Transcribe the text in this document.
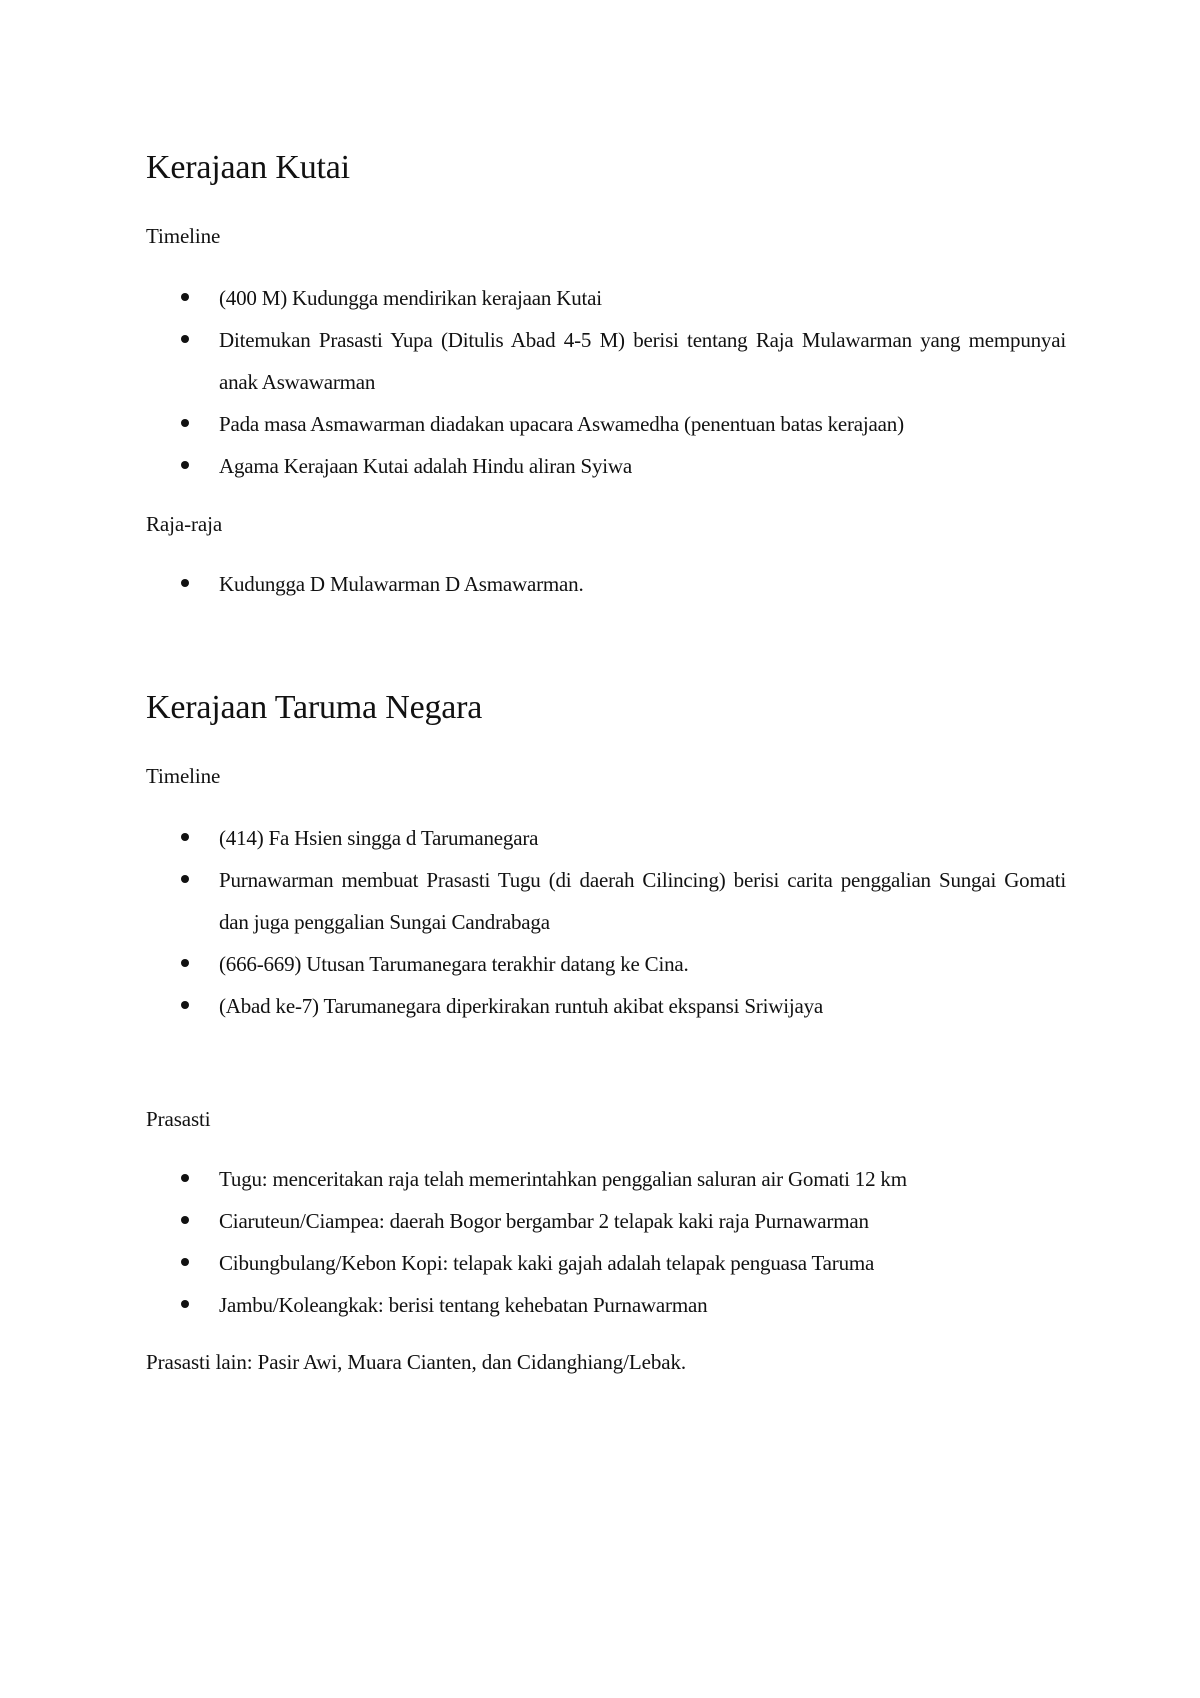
Kerajaan Kutai

Timeline

(400 M) Kudungga mendirikan kerajaan Kutai
Ditemukan Prasasti Yupa (Ditulis Abad 4-5 M) berisi tentang Raja Mulawarman yang mempunyai anak Aswawarman
Pada masa Asmawarman diadakan upacara Aswamedha (penentuan batas kerajaan)
Agama Kerajaan Kutai adalah Hindu aliran Syiwa

Raja-raja

Kudungga D Mulawarman D Asmawarman.
Kerajaan Taruma Negara

Timeline

(414) Fa Hsien singga d Tarumanegara
Purnawarman membuat Prasasti Tugu (di daerah Cilincing) berisi carita penggalian Sungai Gomati dan juga penggalian Sungai Candrabaga
(666-669) Utusan Tarumanegara terakhir datang ke Cina.
(Abad ke-7) Tarumanegara diperkirakan runtuh akibat ekspansi Sriwijaya

Prasasti

Tugu: menceritakan raja telah memerintahkan penggalian saluran air Gomati 12 km
Ciaruteun/Ciampea: daerah Bogor bergambar 2 telapak kaki raja Purnawarman
Cibungbulang/Kebon Kopi: telapak kaki gajah adalah telapak penguasa Taruma
Jambu/Koleangkak: berisi tentang kehebatan Purnawarman

Prasasti lain: Pasir Awi, Muara Cianten, dan Cidanghiang/Lebak.
